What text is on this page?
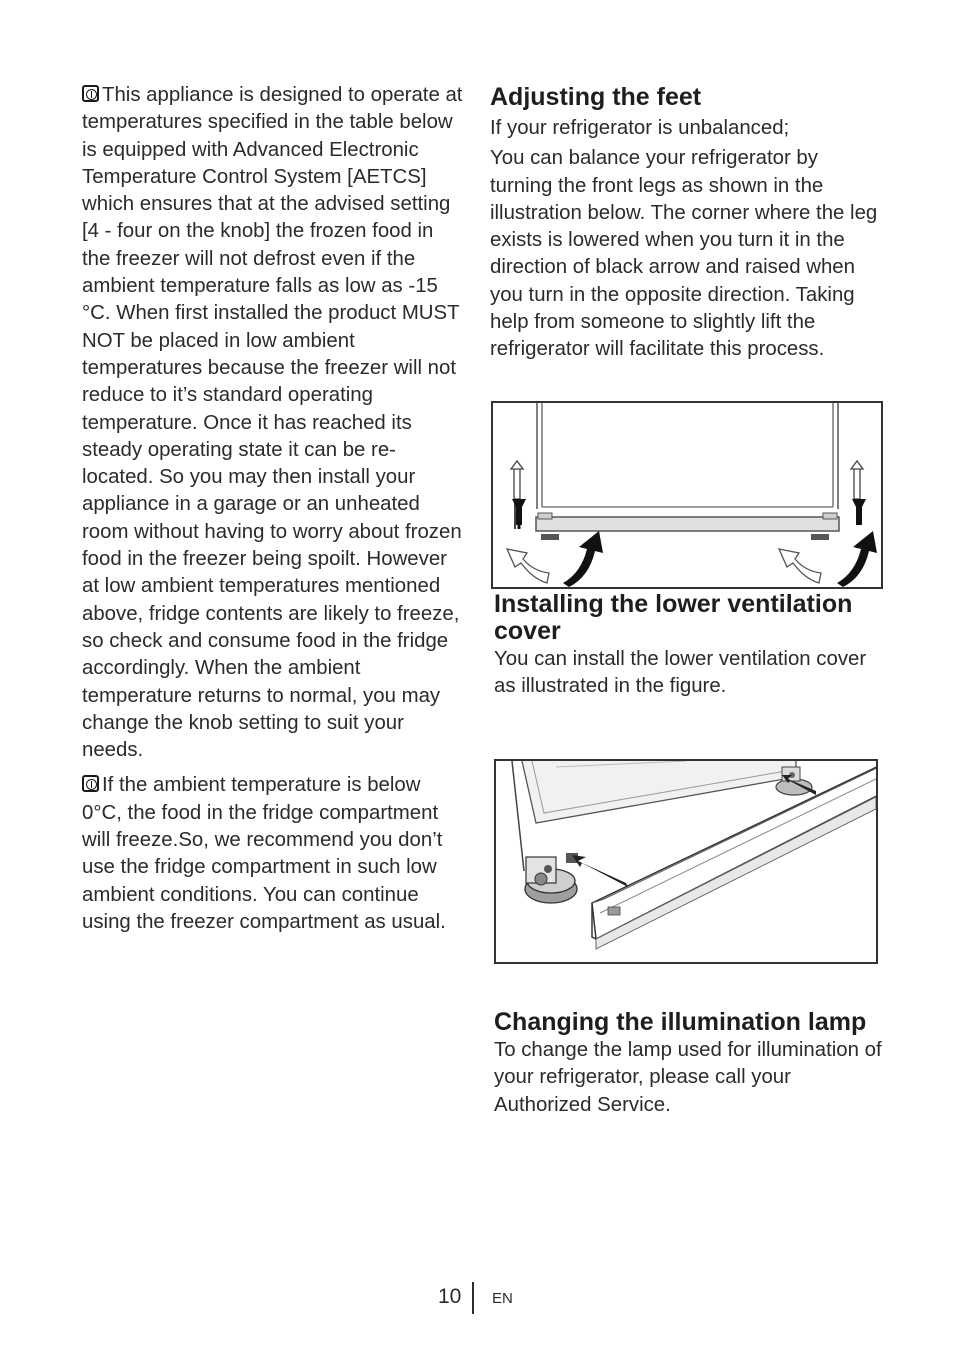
This appliance is designed to operate at temperatures specified in the table below is equipped with Advanced Electronic Temperature Control System [AETCS] which ensures that at the advised setting [4 - four on the knob] the frozen food in the freezer will not defrost even if the ambient temperature falls as low as -15 °C. When first installed the product MUST NOT be placed in low ambient temperatures because the freezer will not reduce to it’s standard operating temperature. Once it has reached its steady operating state it can be re-located. So you may then install your appliance in a garage or an unheated room without having to worry about frozen food in the freezer being spoilt. However at low ambient temperatures mentioned above, fridge contents are likely to freeze, so check and consume food in the fridge accordingly. When the ambient temperature returns to normal, you may change the knob setting to suit your needs.

If the ambient temperature is below 0°C, the food in the fridge compartment will freeze.So, we recommend you don’t use the fridge compartment in such low ambient conditions. You can continue using the freezer compartment as usual.

Adjusting the feet

If your refrigerator is unbalanced;

You can balance your refrigerator by turning the front legs as shown in the illustration below. The corner where the leg exists is lowered when you turn it in the direction of black arrow and raised when you turn in the opposite direction. Taking help from someone to slightly lift the refrigerator will facilitate this process.

Installing the lower ventilation cover

You can install the lower ventilation cover as illustrated in the figure.

Changing the illumination lamp

To change the lamp used for illumination of your refrigerator, please call your Authorized Service.

10 EN
